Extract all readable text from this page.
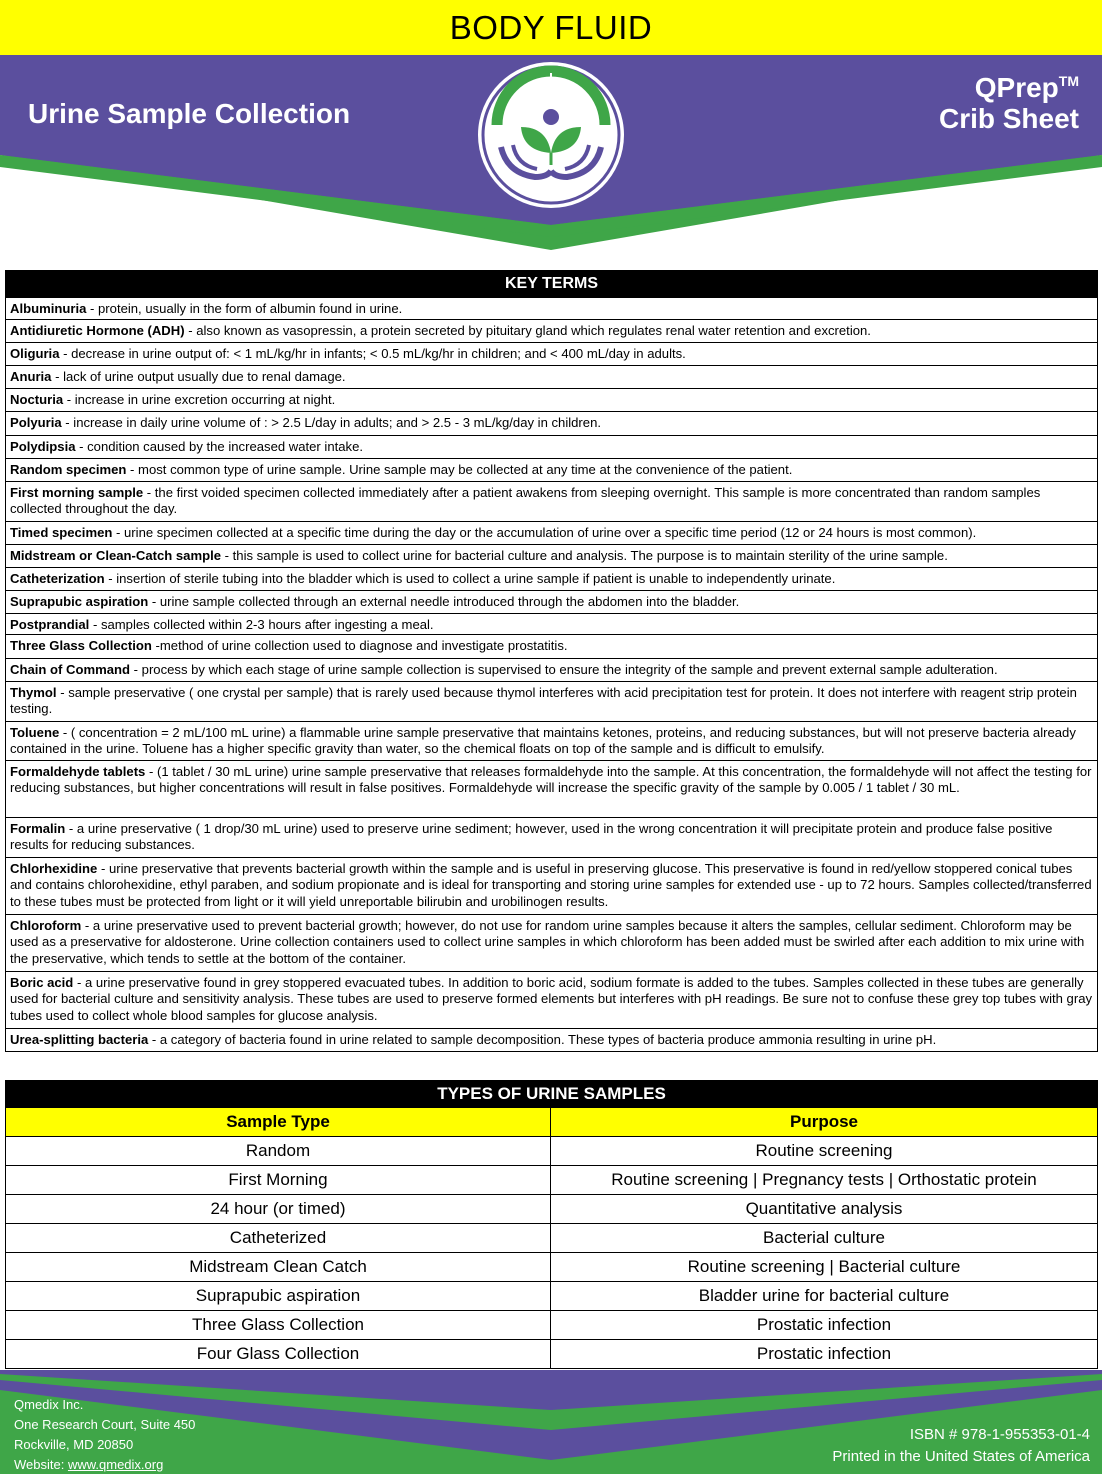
BODY FLUID
Urine Sample Collection
QPrep™
Crib Sheet
KEY TERMS
Albuminuria - protein, usually in the form of albumin found in urine.
Antidiuretic Hormone (ADH) - also known as vasopressin, a protein secreted by pituitary gland which regulates renal water retention and excretion.
Oliguria - decrease in urine output of: < 1 mL/kg/hr in infants; < 0.5 mL/kg/hr in children; and < 400 mL/day in adults.
Anuria - lack of urine output usually due to renal damage.
Nocturia - increase in urine excretion occurring at night.
Polyuria - increase in daily urine volume of : > 2.5 L/day in adults; and > 2.5 - 3 mL/kg/day in children.
Polydipsia - condition caused by the increased water intake.
Random specimen - most common type of urine sample. Urine sample may be collected at any time at the convenience of the patient.
First morning sample - the first voided specimen collected immediately after a patient awakens from sleeping overnight. This sample is more concentrated than random samples collected throughout the day.
Timed specimen - urine specimen collected at a specific time during the day or the accumulation of urine over a specific time period (12 or 24 hours is most common).
Midstream or Clean-Catch sample - this sample is used to collect urine for bacterial culture and analysis. The purpose is to maintain sterility of the urine sample.
Catheterization - insertion of sterile tubing into the bladder which is used to collect a urine sample if patient is unable to independently urinate.
Suprapubic aspiration - urine sample collected through an external needle introduced through the abdomen into the bladder.
Postprandial - samples collected within 2-3 hours after ingesting a meal.
Three Glass Collection -method of urine collection used to diagnose and investigate prostatitis.
Chain of Command - process by which each stage of urine sample collection is supervised to ensure the integrity of the sample and prevent external sample adulteration.
Thymol - sample preservative ( one crystal per sample) that is rarely used because thymol interferes with acid precipitation test for protein. It does not interfere with reagent strip protein testing.
Toluene - ( concentration = 2 mL/100 mL urine) a flammable urine sample preservative that maintains ketones, proteins, and reducing substances, but will not preserve bacteria already contained in the urine. Toluene has a higher specific gravity than water, so the chemical floats on top of the sample and is difficult to emulsify.
Formaldehyde tablets - (1 tablet / 30 mL urine) urine sample preservative that releases formaldehyde into the sample. At this concentration, the formaldehyde will not affect the testing for reducing substances, but higher concentrations will result in false positives. Formaldehyde will increase the specific gravity of the sample by 0.005 / 1 tablet / 30 mL.
Formalin - a urine preservative ( 1 drop/30 mL urine) used to preserve urine sediment; however, used in the wrong concentration it will precipitate protein and produce false positive results for reducing substances.
Chlorhexidine - urine preservative that prevents bacterial growth within the sample and is useful in preserving glucose. This preservative is found in red/yellow stoppered conical tubes and contains chlorohexidine, ethyl paraben, and sodium propionate and is ideal for transporting and storing urine samples for extended use - up to 72 hours. Samples collected/transferred to these tubes must be protected from light or it will yield unreportable bilirubin and urobilinogen results.
Chloroform - a urine preservative used to prevent bacterial growth; however, do not use for random urine samples because it alters the samples, cellular sediment. Chloroform may be used as a preservative for aldosterone. Urine collection containers used to collect urine samples in which chloroform has been added must be swirled after each addition to mix urine with the preservative, which tends to settle at the bottom of the container.
Boric acid - a urine preservative found in grey stoppered evacuated tubes. In addition to boric acid, sodium formate is added to the tubes. Samples collected in these tubes are generally used for bacterial culture and sensitivity analysis. These tubes are used to preserve formed elements but interferes with pH readings. Be sure not to confuse these grey top tubes with gray tubes used to collect whole blood samples for glucose analysis.
Urea-splitting bacteria - a category of bacteria found in urine related to sample decomposition. These types of bacteria produce ammonia resulting in urine pH.
TYPES OF URINE SAMPLES
Sample Type	Purpose
Random	Routine screening
First Morning	Routine screening | Pregnancy tests | Orthostatic protein
24 hour (or timed)	Quantitative analysis
Catheterized	Bacterial culture
Midstream Clean Catch	Routine screening | Bacterial culture
Suprapubic aspiration	Bladder urine for bacterial culture
Three Glass Collection	Prostatic infection
Four Glass Collection	Prostatic infection
Qmedix Inc.
One Research Court, Suite 450
Rockville, MD 20850
Website: www.qmedix.org
ISBN # 978-1-955353-01-4
Printed in the United States of America
